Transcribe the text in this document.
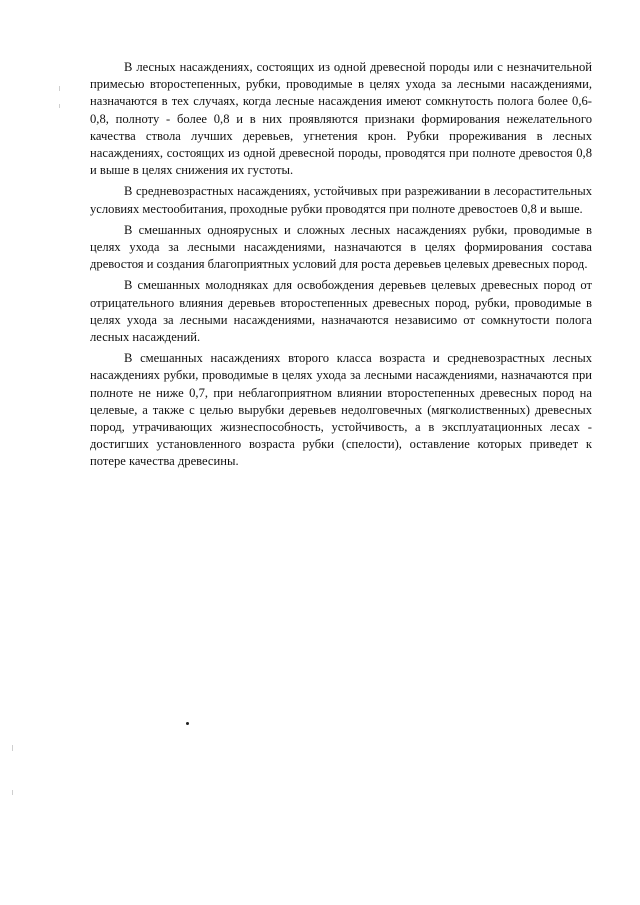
В лесных насаждениях, состоящих из одной древесной породы или с незначительной примесью второстепенных, рубки, проводимые в целях ухода за лесными насаждениями, назначаются в тех случаях, когда лесные насаждения имеют сомкнутость полога более 0,6-0,8, полноту - более 0,8 и в них проявляются признаки формирования нежелательного качества ствола лучших деревьев, угнетения крон. Рубки прореживания в лесных насаждениях, состоящих из одной древесной породы, проводятся при полноте древостоя 0,8 и выше в целях снижения их густоты.

В средневозрастных насаждениях, устойчивых при разреживании в лесорастительных условиях местообитания, проходные рубки проводятся при полноте древостоев 0,8 и выше.

В смешанных одноярусных и сложных лесных насаждениях рубки, проводимые в целях ухода за лесными насаждениями, назначаются в целях формирования состава древостоя и создания благоприятных условий для роста деревьев целевых древесных пород.

В смешанных молодняках для освобождения деревьев целевых древесных пород от отрицательного влияния деревьев второстепенных древесных пород, рубки, проводимые в целях ухода за лесными насаждениями, назначаются независимо от сомкнутости полога лесных насаждений.

В смешанных насаждениях второго класса возраста и средневозрастных лесных насаждениях рубки, проводимые в целях ухода за лесными насаждениями, назначаются при полноте не ниже 0,7, при неблагоприятном влиянии второстепенных древесных пород на целевые, а также с целью вырубки деревьев недолговечных (мягколиственных) древесных пород, утрачивающих жизнеспособность, устойчивость, а в эксплуатационных лесах - достигших установленного возраста рубки (спелости), оставление которых приведет к потере качества древесины.
